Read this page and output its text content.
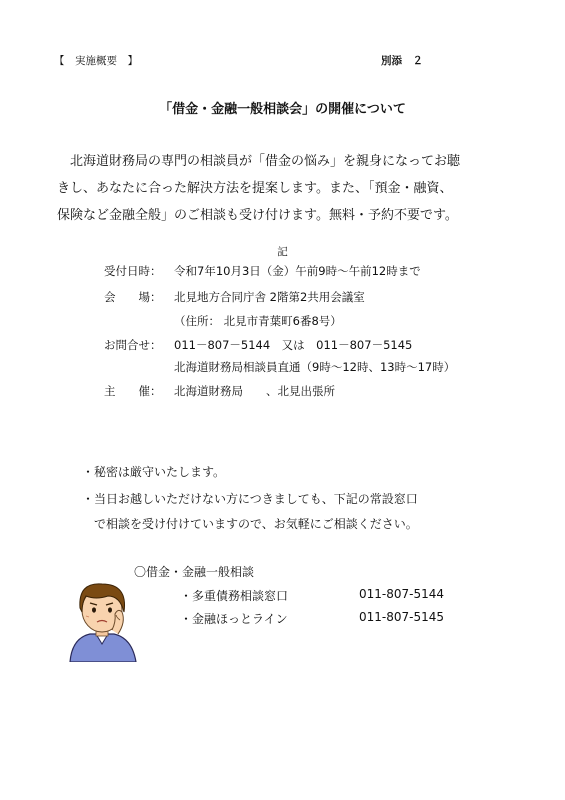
【　実施概要　】	別添　２
「借金・金融一般相談会」の開催について
北海道財務局の専門の相談員が「借金の悩み」を親身になってお聴
きし、あなたに合った解決方法を提案します。また、「預金・融資、
保険など金融全般」のご相談も受け付けます。無料・予約不要です。
記
受付日時： 令和7年10月3日（金）午前9時～午前12時まで
会　　場： 北見地方合同庁舎 2階第2共用会議室
（住所： 北見市青葉町6番8号）
お問合せ： 011－807－5144　又は　011－807－5145
北海道財務局相談員直通（9時～12時、13時～17時）
主　　催： 北海道財務局　　、北見出張所
・秘密は厳守いたします。
・当日お越しいただけない方につきましても、下記の常設窓口
　で相談を受け付けていますので、お気軽にご相談ください。
〇借金・金融一般相談
・多重債務相談窓口	011-807-5144
・金融ほっとライン	011-807-5145
